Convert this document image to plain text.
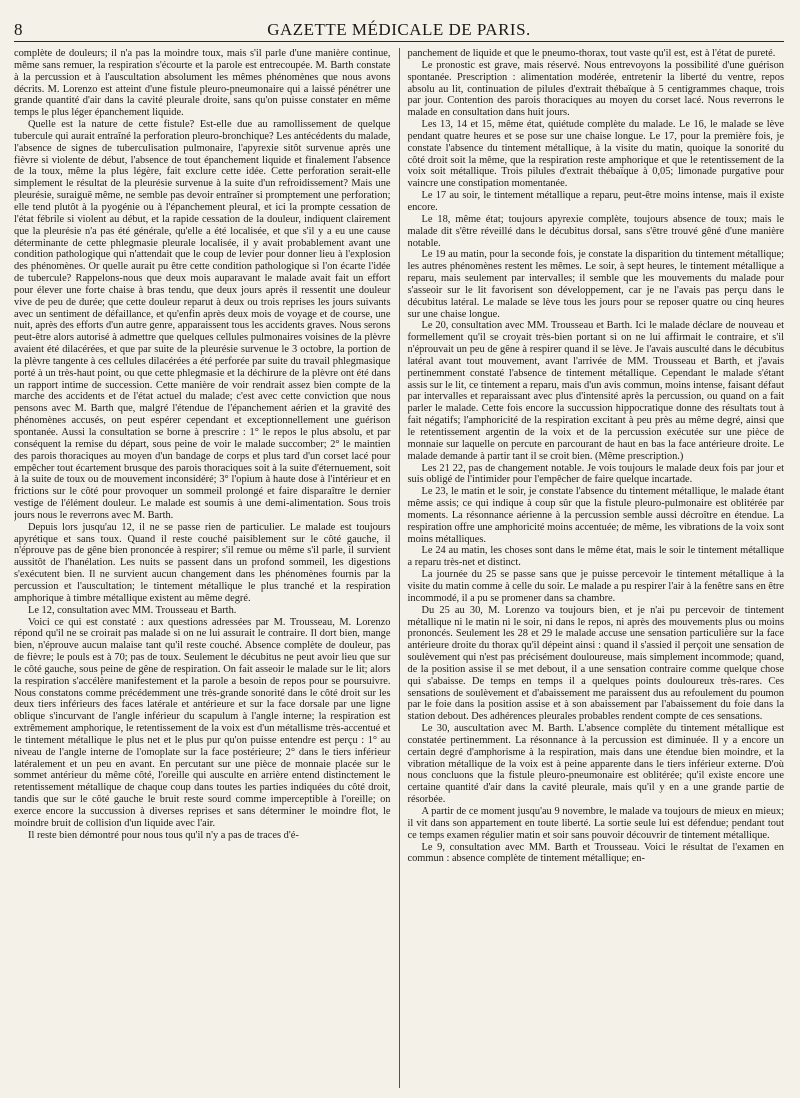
8	GAZETTE MÉDICALE DE PARIS.

complète de douleurs; il n'a pas la moindre toux, mais s'il parle d'une manière continue, même sans remuer, la respiration s'écourte et la parole est entrecoupée. M. Barth constate à la percussion et à l'auscultation absolument les mêmes phénomènes que nous avons décrits. M. Lorenzo est atteint d'une fistule pleuro-pneumonaire qui a laissé pénétrer une grande quantité d'air dans la cavité pleurale droite, sans qu'on puisse constater en même temps le plus léger épanchement liquide.

Quelle est la nature de cette fistule? Est-elle due au ramollissement de quelque tubercule qui aurait entraîné la perforation pleuro-bronchique? Les antécédents du malade, l'absence de signes de tuberculisation pulmonaire, l'apyrexie sitôt survenue après une fièvre si violente de début, l'absence de tout épanchement liquide et finalement l'absence de la toux, même la plus légère, fait exclure cette idée. Cette perforation serait-elle simplement le résultat de la pleurésie survenue à la suite d'un refroidissement? Mais une pleurésie, suraiguë même, ne semble pas devoir entraîner si promptement une perforation; elle tend plutôt à la pyogénie ou à l'épanchement pleural, et ici la prompte cessation de l'état fébrile si violent au début, et la rapide cessation de la douleur, indiquent clairement que la pleurésie n'a pas été générale, qu'elle a été localisée, et que s'il y a eu une cause déterminante de cette phlegmasie pleurale localisée, il y avait probablement avant une condition pathologique qui n'attendait que le coup de levier pour donner lieu à l'explosion des phénomènes. Or quelle aurait pu être cette condition pathologique si l'on écarte l'idée de tubercule? Rappelons-nous que deux mois auparavant le malade avait fait un effort pour élever une forte chaise à bras tendu, que deux jours après il ressentit une douleur vive de peu de durée; que cette douleur reparut à deux ou trois reprises les jours suivants avec un sentiment de défaillance, et qu'enfin après deux mois de voyage et de course, une nuit, après des efforts d'un autre genre, apparaissent tous les accidents graves. Nous serons peut-être alors autorisé à admettre que quelques cellules pulmonaires voisines de la plèvre avaient été dilacérées, et que par suite de la pleurésie survenue le 3 octobre, la portion de la plèvre tangente à ces cellules dilacérées a été perforée par suite du travail phlegmasique porté à un très-haut point, ou que cette phlegmasie et la déchirure de la plèvre ont été dans un rapport intime de succession. Cette manière de voir rendrait assez bien compte de la marche des accidents et de l'état actuel du malade; c'est avec cette conviction que nous pensons avec M. Barth que, malgré l'étendue de l'épanchement aérien et la gravité des phénomènes accusés, on peut espérer cependant et exceptionnellement une guérison spontanée. Aussi la consultation se borne à prescrire : 1° le repos le plus absolu, et par conséquent la remise du départ, sous peine de voir le malade succomber; 2° le maintien des parois thoraciques au moyen d'un bandage de corps et plus tard d'un corset lacé pour empêcher tout écartement brusque des parois thoraciques soit à la suite d'éternuement, soit à la suite de toux ou de mouvement inconsidéré; 3° l'opium à haute dose à l'intérieur et en frictions sur le côté pour provoquer un sommeil prolongé et faire disparaître le dernier vestige de l'élément douleur. Le malade est soumis à une demi-alimentation. Sous trois jours nous le reverrons avec M. Barth.

Depuis lors jusqu'au 12, il ne se passe rien de particulier. Le malade est toujours apyrétique et sans toux. Quand il reste couché paisiblement sur le côté gauche, il n'éprouve pas de gêne bien prononcée à respirer; s'il remue ou même s'il parle, il survient aussitôt de l'hanélation. Les nuits se passent dans un profond sommeil, les digestions s'exécutent bien. Il ne survient aucun changement dans les phénomènes fournis par la percussion et l'auscultation; le tintement métallique le plus tranché et la respiration amphorique à timbre métallique existent au même degré.

Le 12, consultation avec MM. Trousseau et Barth.

Voici ce qui est constaté : aux questions adressées par M. Trousseau, M. Lorenzo répond qu'il ne se croirait pas malade si on ne lui assurait le contraire. Il dort bien, mange bien, n'éprouve aucun malaise tant qu'il reste couché. Absence complète de douleur, pas de fièvre; le pouls est à 70; pas de toux. Seulement le décubitus ne peut avoir lieu que sur le côté gauche, sous peine de gêne de respiration. On fait asseoir le malade sur le lit; alors la respiration s'accélère manifestement et la parole a besoin de repos pour se poursuivre. Nous constatons comme précédemment une très-grande sonorité dans le côté droit sur les deux tiers inférieurs des faces latérale et antérieure et sur la face dorsale par une ligne oblique s'incurvant de l'angle inférieur du scapulum à l'angle interne; la respiration est extrêmement amphorique, le retentissement de la voix est d'un métallisme très-accentué et le tintement métallique le plus net et le plus pur qu'on puisse entendre est perçu : 1° au niveau de l'angle interne de l'omoplate sur la face postérieure; 2° dans le tiers inférieur latéralement et un peu en avant. En percutant sur une pièce de monnaie placée sur le sommet antérieur du même côté, l'oreille qui ausculte en arrière entend distinctement le retentissement métallique de chaque coup dans toutes les parties indiquées du côté droit, tandis que sur le côté gauche le bruit reste sourd comme imperceptible à l'oreille; on exerce encore la succussion à diverses reprises et sans déterminer le moindre flot, le moindre bruit de collision d'un liquide avec l'air.

Il reste bien démontré pour nous tous qu'il n'y a pas de traces d'é-

panchement de liquide et que le pneumo-thorax, tout vaste qu'il est, est à l'état de pureté.

Le pronostic est grave, mais réservé. Nous entrevoyons la possibilité d'une guérison spontanée. Prescription : alimentation modérée, entretenir la liberté du ventre, repos absolu au lit, continuation de pilules d'extrait thébaïque à 5 centigrammes chaque, trois par jour. Contention des parois thoraciques au moyen du corset lacé. Nous reverrons le malade en consultation dans huit jours.

Les 13, 14 et 15, même état, quiétude complète du malade. Le 16, le malade se lève pendant quatre heures et se pose sur une chaise longue. Le 17, pour la première fois, je constate l'absence du tintement métallique, à la visite du matin, quoique la sonorité du côté droit soit la même, que la respiration reste amphorique et que le retentissement de la voix soit métallique. Trois pilules d'extrait thébaïque à 0,05; limonade purgative pour vaincre une constipation momentanée.

Le 17 au soir, le tintement métallique a reparu, peut-être moins intense, mais il existe encore.

Le 18, même état; toujours apyrexie complète, toujours absence de toux; mais le malade dit s'être réveillé dans le décubitus dorsal, sans s'être trouvé gêné d'une manière notable.

Le 19 au matin, pour la seconde fois, je constate la disparition du tintement métallique; les autres phénomènes restent les mêmes. Le soir, à sept heures, le tintement métallique a reparu, mais seulement par intervalles; il semble que les mouvements du malade pour s'asseoir sur le lit favorisent son développement, car je ne l'avais pas perçu dans le décubitus latéral. Le malade se lève tous les jours pour se reposer quatre ou cinq heures sur une chaise longue.

Le 20, consultation avec MM. Trousseau et Barth. Ici le malade déclare de nouveau et formellement qu'il se croyait très-bien portant si on ne lui affirmait le contraire, et s'il n'éprouvait un peu de gêne à respirer quand il se lève. Je l'avais ausculté dans le décubitus latéral avant tout mouvement, avant l'arrivée de MM. Trousseau et Barth, et j'avais pertinemment constaté l'absence de tintement métallique. Cependant le malade s'étant assis sur le lit, ce tintement a reparu, mais d'un avis commun, moins intense, faisant défaut par intervalles et reparaissant avec plus d'intensité après la percussion, ou quand on a fait parler le malade. Cette fois encore la succussion hippocratique donne des résultats tout à fait négatifs; l'amphoricité de la respiration excitant à peu près au même degré, ainsi que le retentissement argentin de la voix et de la percussion exécutée sur une pièce de monnaie sur laquelle on percute en parcourant de haut en bas la face antérieure droite. Le malade demande à partir tant il se croit bien. (Même prescription.)

Les 21 22, pas de changement notable. Je vois toujours le malade deux fois par jour et suis obligé de l'intimider pour l'empêcher de faire quelque incartade.

Le 23, le matin et le soir, je constate l'absence du tintement métallique, le malade étant même assis; ce qui indique à coup sûr que la fistule pleuro-pulmonaire est oblitérée par moments. La résonnance aérienne à la percussion semble aussi décroître en étendue. La respiration offre une amphoricité moins accentuée; de même, les vibrations de la voix sont moins métalliques.

Le 24 au matin, les choses sont dans le même état, mais le soir le tintement métallique a reparu très-net et distinct.

La journée du 25 se passe sans que je puisse percevoir le tintement métallique à la visite du matin comme à celle du soir. Le malade a pu respirer l'air à la fenêtre sans en être incommodé, il a pu se promener dans sa chambre.

Du 25 au 30, M. Lorenzo va toujours bien, et je n'ai pu percevoir de tintement métallique ni le matin ni le soir, ni dans le repos, ni après des mouvements plus ou moins prononcés. Seulement les 28 et 29 le malade accuse une sensation particulière sur la face antérieure droite du thorax qu'il dépeint ainsi : quand il s'assied il perçoit une sensation de soulèvement qui n'est pas précisément douloureuse, mais simplement incommode; quand, de la position assise il se met debout, il a une sensation contraire comme quelque chose qui s'abaisse. De temps en temps il a quelques points douloureux très-rares. Ces sensations de soulèvement et d'abaissement me paraissent dus au refoulement du poumon par le foie dans la position assise et à son abaissement par l'abaissement du foie dans la station debout. Des adhérences pleurales probables rendent compte de ces sensations.

Le 30, auscultation avec M. Barth. L'absence complète du tintement métallique est constatée pertinemment. La résonnance à la percussion est diminuée. Il y a encore un certain degré d'amphorisme à la respiration, mais dans une étendue bien moindre, et la vibration métallique de la voix est à peine apparente dans le tiers inférieur externe. D'où nous concluons que la fistule pleuro-pneumonaire est oblitérée; qu'il existe encore une certaine quantité d'air dans la cavité pleurale, mais qu'il y en a une grande partie de résorbée.

A partir de ce moment jusqu'au 9 novembre, le malade va toujours de mieux en mieux; il vit dans son appartement en toute liberté. La sortie seule lui est défendue; pendant tout ce temps examen régulier matin et soir sans pouvoir découvrir de tintement métallique.

Le 9, consultation avec MM. Barth et Trousseau. Voici le résultat de l'examen en commun : absence complète de tintement métallique; en-
